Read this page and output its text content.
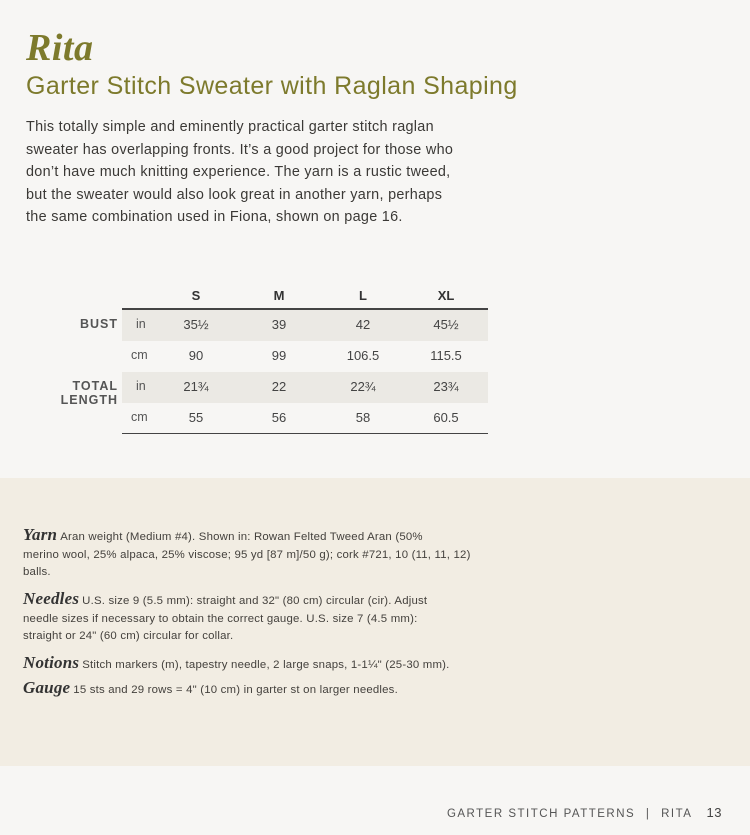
Rita
Garter Stitch Sweater with Raglan Shaping

This totally simple and eminently practical garter stitch raglan

sweater has overlapping fronts. It’s a good project for those who

don’t have much knitting experience. The yarn is a rustic tweed,

but the sweater would also look great in another yarn, perhaps

the same combination used in Fiona, shown on page 16.

S	M	L	XL
BUST in	35½	39	42	45½
cm	90	99	106.5	115.5
TOTAL LENGTH
in	21¾	22	22¾	23¾
cm	55	56	58	60.5

Yarn Aran weight (Medium #4). Shown in: Rowan Felted Tweed Aran (50%

merino wool, 25% alpaca, 25% viscose; 95 yd [87 m]/50 g); cork #721, 10 (11, 11, 12)

balls.

Needles U.S. size 9 (5.5 mm): straight and 32" (80 cm) circular (cir). Adjust

needle sizes if necessary to obtain the correct gauge. U.S. size 7 (4.5 mm):

straight or 24" (60 cm) circular for collar.

Notions Stitch markers (m), tapestry needle, 2 large snaps, 1-1¼" (25-30 mm).

Gauge 15 sts and 29 rows = 4" (10 cm) in garter st on larger needles.

GARTER STITCH PATTERNS | RITA 13
